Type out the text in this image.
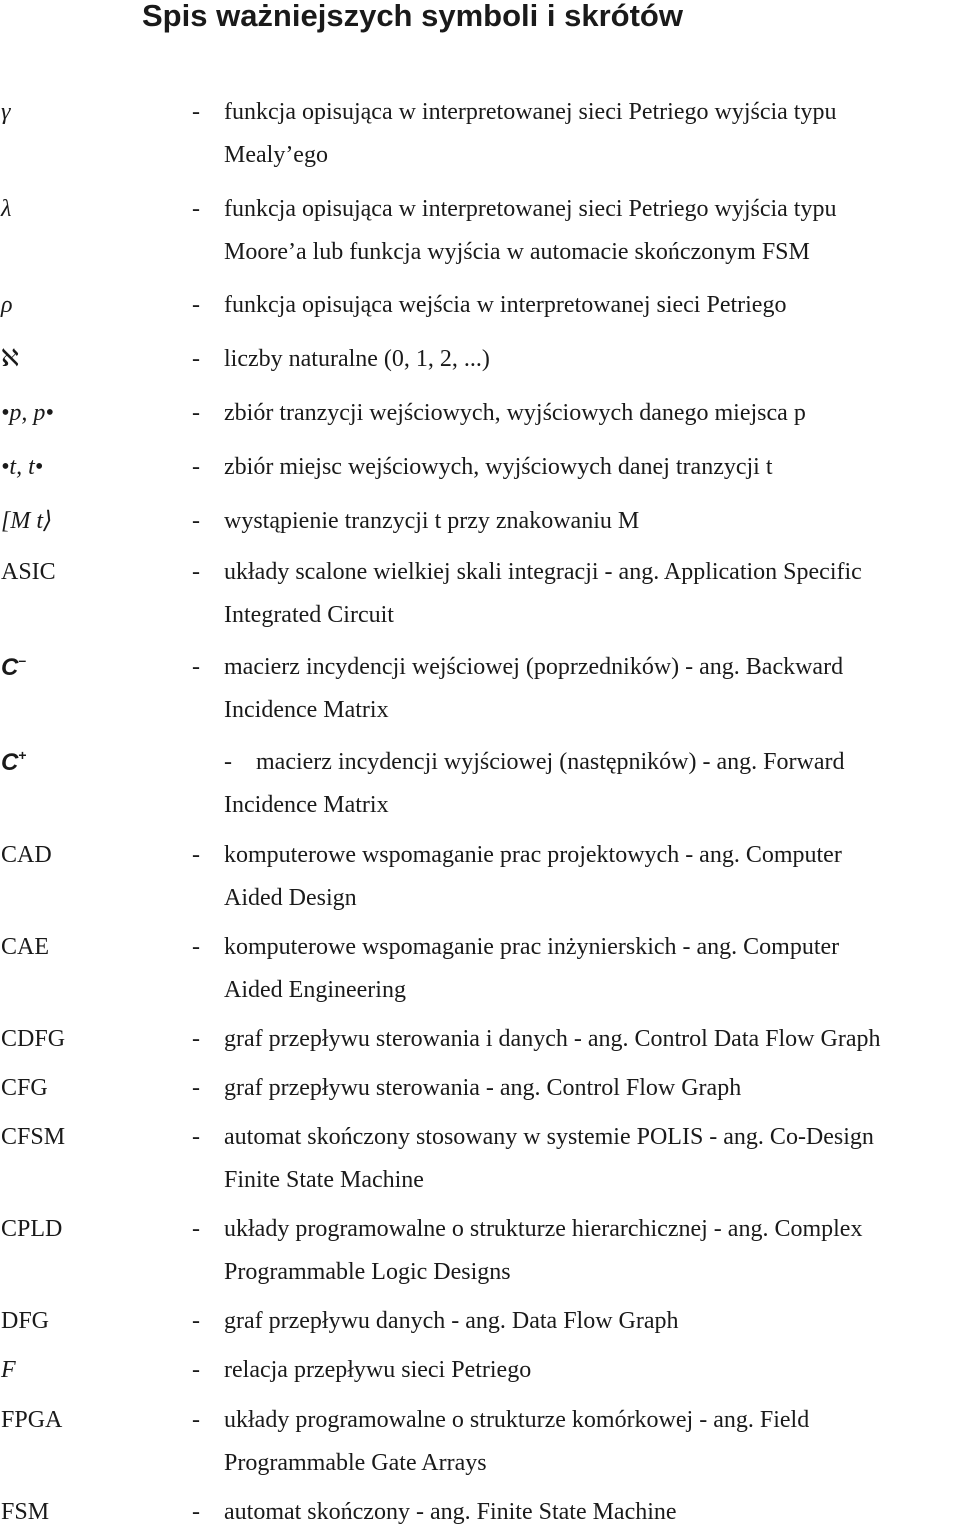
Spis ważniejszych symboli i skrótów
γ	- funkcja opisująca w interpretowanej sieci Petriego wyjścia typu
Mealy’ego
λ	- funkcja opisująca w interpretowanej sieci Petriego wyjścia typu
Moore’a lub funkcja wyjścia w automacie skończonym FSM
ρ	- funkcja opisująca wejścia w interpretowanej sieci Petriego
ℵ	- liczby naturalne (0, 1, 2, ...)
•p, p•	- zbiór tranzycji wejściowych, wyjściowych danego miejsca p
•t, t•	- zbiór miejsc wejściowych, wyjściowych danej tranzycji t
[M t⟩	- wystąpienie tranzycji t przy znakowaniu M
ASIC	- układy scalone wielkiej skali integracji - ang. Application Specific
Integrated Circuit
C–	- macierz incydencji wejściowej (poprzedników) - ang. Backward
Incidence Matrix
C+	- macierz incydencji wyjściowej (następników) - ang. Forward
Incidence Matrix
CAD	- komputerowe wspomaganie prac projektowych - ang. Computer
Aided Design
CAE	- komputerowe wspomaganie prac inżynierskich - ang. Computer
Aided Engineering
CDFG	- graf przepływu sterowania i danych - ang. Control Data Flow Graph
CFG	- graf przepływu sterowania - ang. Control Flow Graph
CFSM	- automat skończony stosowany w systemie POLIS - ang. Co-Design
Finite State Machine
CPLD	- układy programowalne o strukturze hierarchicznej - ang. Complex
Programmable Logic Designs
DFG	- graf przepływu danych - ang. Data Flow Graph
F	- relacja przepływu sieci Petriego
FPGA	- układy programowalne o strukturze komórkowej - ang. Field
Programmable Gate Arrays
FSM	- automat skończony - ang. Finite State Machine
